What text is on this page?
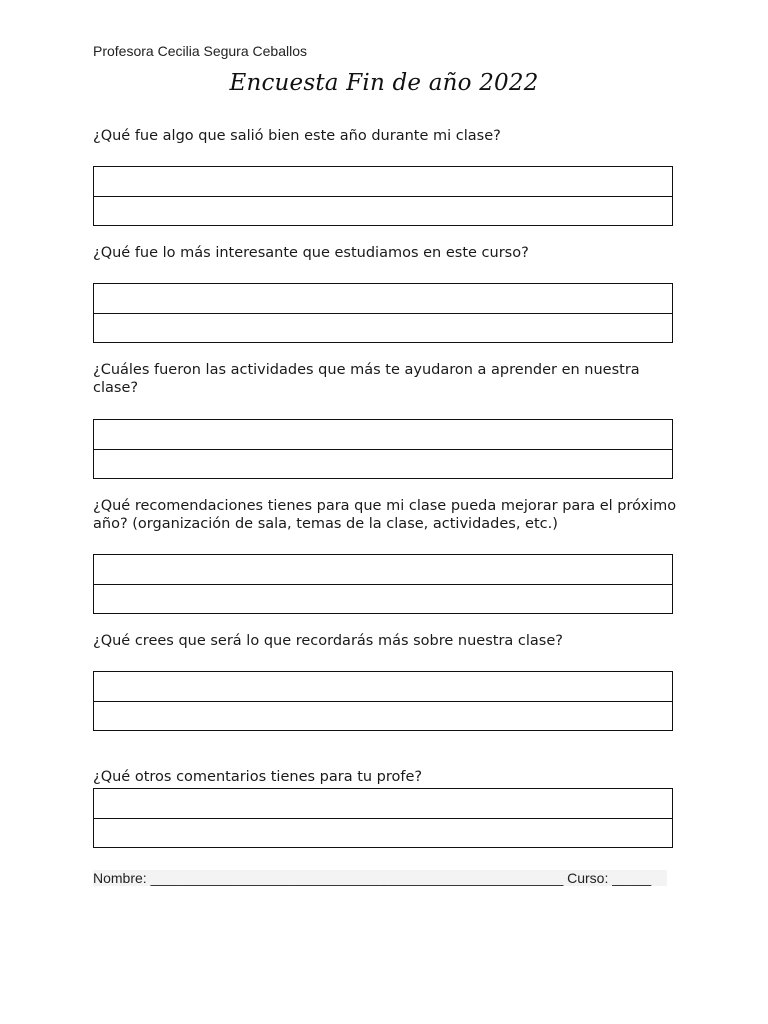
Profesora Cecilia Segura Ceballos
Encuesta Fin de año 2022
¿Qué fue algo que salió bien este año durante mi clase?
¿Qué fue lo más interesante que estudiamos en este curso?
¿Cuáles fueron las actividades que más te ayudaron a aprender en nuestra clase?
¿Qué recomendaciones tienes para que mi clase pueda mejorar para el próximo año? (organización de sala, temas de la clase, actividades, etc.)
¿Qué crees que será lo que recordarás más sobre nuestra clase?
¿Qué otros comentarios tienes para tu profe?
Nombre: _____________________________________________________ Curso: _____
